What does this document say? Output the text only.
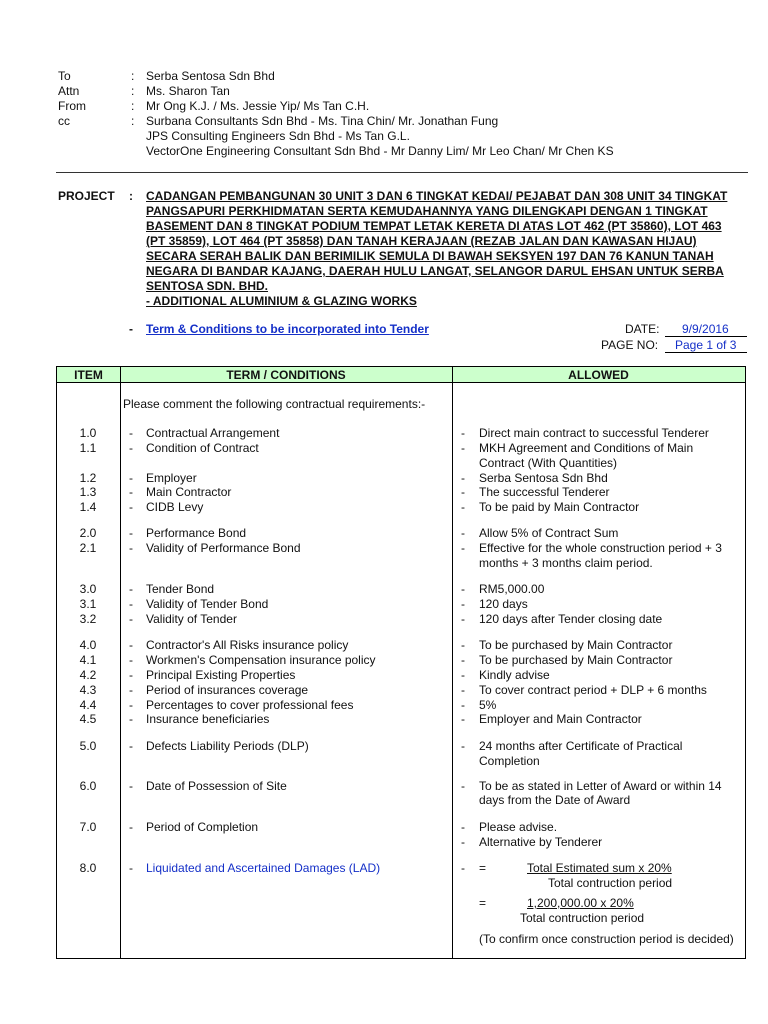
To	: Serba Sentosa Sdn Bhd
Attn	: Ms. Sharon Tan
From	: Mr Ong K.J. / Ms. Jessie Yip/ Ms Tan C.H.
cc	: Surbana Consultants Sdn Bhd - Ms. Tina Chin/ Mr. Jonathan Fung
JPS Consulting Engineers Sdn Bhd - Ms Tan G.L.
VectorOne Engineering Consultant Sdn Bhd - Mr Danny Lim/ Mr Leo Chan/ Mr Chen KS
PROJECT : CADANGAN PEMBANGUNAN 30 UNIT 3 DAN 6 TINGKAT KEDAI/ PEJABAT DAN 308 UNIT 34 TINGKAT
PANGSAPURI PERKHIDMATAN SERTA KEMUDAHANNYA YANG DILENGKAPI DENGAN 1 TINGKAT
BASEMENT DAN 8 TINGKAT PODIUM TEMPAT LETAK KERETA DI ATAS LOT 462 (PT 35860), LOT 463
(PT 35859), LOT 464 (PT 35858) DAN TANAH KERAJAAN (REZAB JALAN DAN KAWASAN HIJAU)
SECARA SERAH BALIK DAN BERIMILIK SEMULA DI BAWAH SEKSYEN 197 DAN 76 KANUN TANAH
NEGARA DI BANDAR KAJANG, DAERAH HULU LANGAT, SELANGOR DARUL EHSAN UNTUK SERBA
SENTOSA SDN. BHD.
- ADDITIONAL ALUMINIUM & GLAZING WORKS
- Term & Conditions to be incorporated into Tender	DATE: 9/9/2016
PAGE NO: Page 1 of 3
ITEM	TERM / CONDITIONS	ALLOWED
Please comment the following contractual requirements:-
1.0	- Contractual Arrangement	- Direct main contract to successful Tenderer
1.1	- Condition of Contract	- MKH Agreement and Conditions of Main
Contract (With Quantities)
1.2	- Employer	- Serba Sentosa Sdn Bhd
1.3	- Main Contractor	- The successful Tenderer
1.4	- CIDB Levy	- To be paid by Main Contractor
2.0	- Performance Bond	- Allow 5% of Contract Sum
2.1	- Validity of Performance Bond	- Effective for the whole construction period + 3
months + 3 months claim period.
3.0	- Tender Bond	- RM5,000.00
3.1	- Validity of Tender Bond	- 120 days
3.2	- Validity of Tender	- 120 days after Tender closing date
4.0	- Contractor's All Risks insurance policy	- To be purchased by Main Contractor
4.1	- Workmen's Compensation insurance policy	- To be purchased by Main Contractor
4.2	- Principal Existing Properties	- Kindly advise
4.3	- Period of insurances coverage	- To cover contract period + DLP + 6 months
4.4	- Percentages to cover professional fees	- 5%
4.5	- Insurance beneficiaries	- Employer and Main Contractor
5.0	- Defects Liability Periods (DLP)	- 24 months after Certificate of Practical
Completion
6.0	- Date of Possession of Site	- To be as stated in Letter of Award or within 14
days from the Date of Award
7.0	- Period of Completion	- Please advise.
- Alternative by Tenderer
8.0	- Liquidated and Ascertained Damages (LAD)	- =	Total Estimated sum x 20%
Total contruction period
=	1,200,000.00 x 20%
Total contruction period
(To confirm once construction period is decided)
